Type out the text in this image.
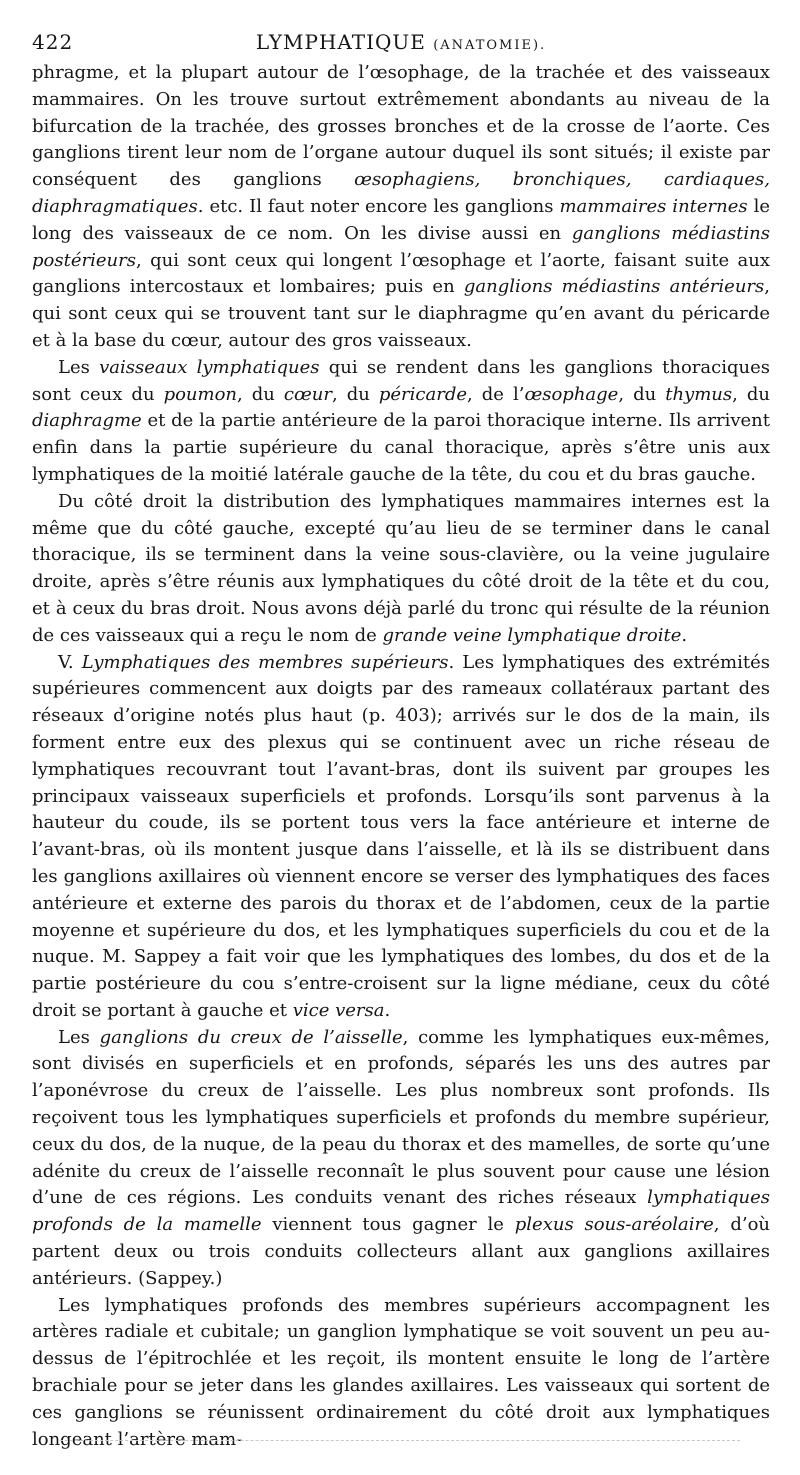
422	LYMPHATIQUE (ANATOMIE).

phragme, et la plupart autour de l’œsophage, de la trachée et des vaisseaux mammaires. On les trouve surtout extrêmement abondants au niveau de la bifurcation de la trachée, des grosses bronches et de la crosse de l’aorte. Ces ganglions tirent leur nom de l’organe autour duquel ils sont situés; il existe par conséquent des ganglions œsophagiens, bronchiques, cardiaques, diaphragmatiques. etc. Il faut noter encore les ganglions mammaires internes le long des vaisseaux de ce nom. On les divise aussi en ganglions médiastins postérieurs, qui sont ceux qui longent l’œsophage et l’aorte, faisant suite aux ganglions intercostaux et lombaires; puis en ganglions médiastins antérieurs, qui sont ceux qui se trouvent tant sur le diaphragme qu’en avant du péricarde et à la base du cœur, autour des gros vaisseaux.

Les vaisseaux lymphatiques qui se rendent dans les ganglions thoraciques sont ceux du poumon, du cœur, du péricarde, de l’œsophage, du thymus, du diaphragme et de la partie antérieure de la paroi thoracique interne. Ils arrivent enfin dans la partie supérieure du canal thoracique, après s’être unis aux lymphatiques de la moitié latérale gauche de la tête, du cou et du bras gauche.

Du côté droit la distribution des lymphatiques mammaires internes est la même que du côté gauche, excepté qu’au lieu de se terminer dans le canal thoracique, ils se terminent dans la veine sous-clavière, ou la veine jugulaire droite, après s’être réunis aux lymphatiques du côté droit de la tête et du cou, et à ceux du bras droit. Nous avons déjà parlé du tronc qui résulte de la réunion de ces vaisseaux qui a reçu le nom de grande veine lymphatique droite.

V. Lymphatiques des membres supérieurs. Les lymphatiques des extrémités supérieures commencent aux doigts par des rameaux collatéraux partant des réseaux d’origine notés plus haut (p. 403); arrivés sur le dos de la main, ils forment entre eux des plexus qui se continuent avec un riche réseau de lymphatiques recouvrant tout l’avant-bras, dont ils suivent par groupes les principaux vaisseaux superficiels et profonds. Lorsqu’ils sont parvenus à la hauteur du coude, ils se portent tous vers la face antérieure et interne de l’avant-bras, où ils montent jusque dans l’aisselle, et là ils se distribuent dans les ganglions axillaires où viennent encore se verser des lymphatiques des faces antérieure et externe des parois du thorax et de l’abdomen, ceux de la partie moyenne et supérieure du dos, et les lymphatiques superficiels du cou et de la nuque. M. Sappey a fait voir que les lymphatiques des lombes, du dos et de la partie postérieure du cou s’entre-croisent sur la ligne médiane, ceux du côté droit se portant à gauche et vice versa.

Les ganglions du creux de l’aisselle, comme les lymphatiques eux-mêmes, sont divisés en superficiels et en profonds, séparés les uns des autres par l’aponévrose du creux de l’aisselle. Les plus nombreux sont profonds. Ils reçoivent tous les lymphatiques superficiels et profonds du membre supérieur, ceux du dos, de la nuque, de la peau du thorax et des mamelles, de sorte qu’une adénite du creux de l’aisselle reconnaît le plus souvent pour cause une lésion d’une de ces régions. Les conduits venant des riches réseaux lymphatiques profonds de la mamelle viennent tous gagner le plexus sous-aréolaire, d’où partent deux ou trois conduits collecteurs allant aux ganglions axillaires antérieurs. (Sappey.)

Les lymphatiques profonds des membres supérieurs accompagnent les artères radiale et cubitale; un ganglion lymphatique se voit souvent un peu au-dessus de l’épitrochlée et les reçoit, ils montent ensuite le long de l’artère brachiale pour se jeter dans les glandes axillaires. Les vaisseaux qui sortent de ces ganglions se réunissent ordinairement du côté droit aux lymphatiques longeant l’artère mam-
